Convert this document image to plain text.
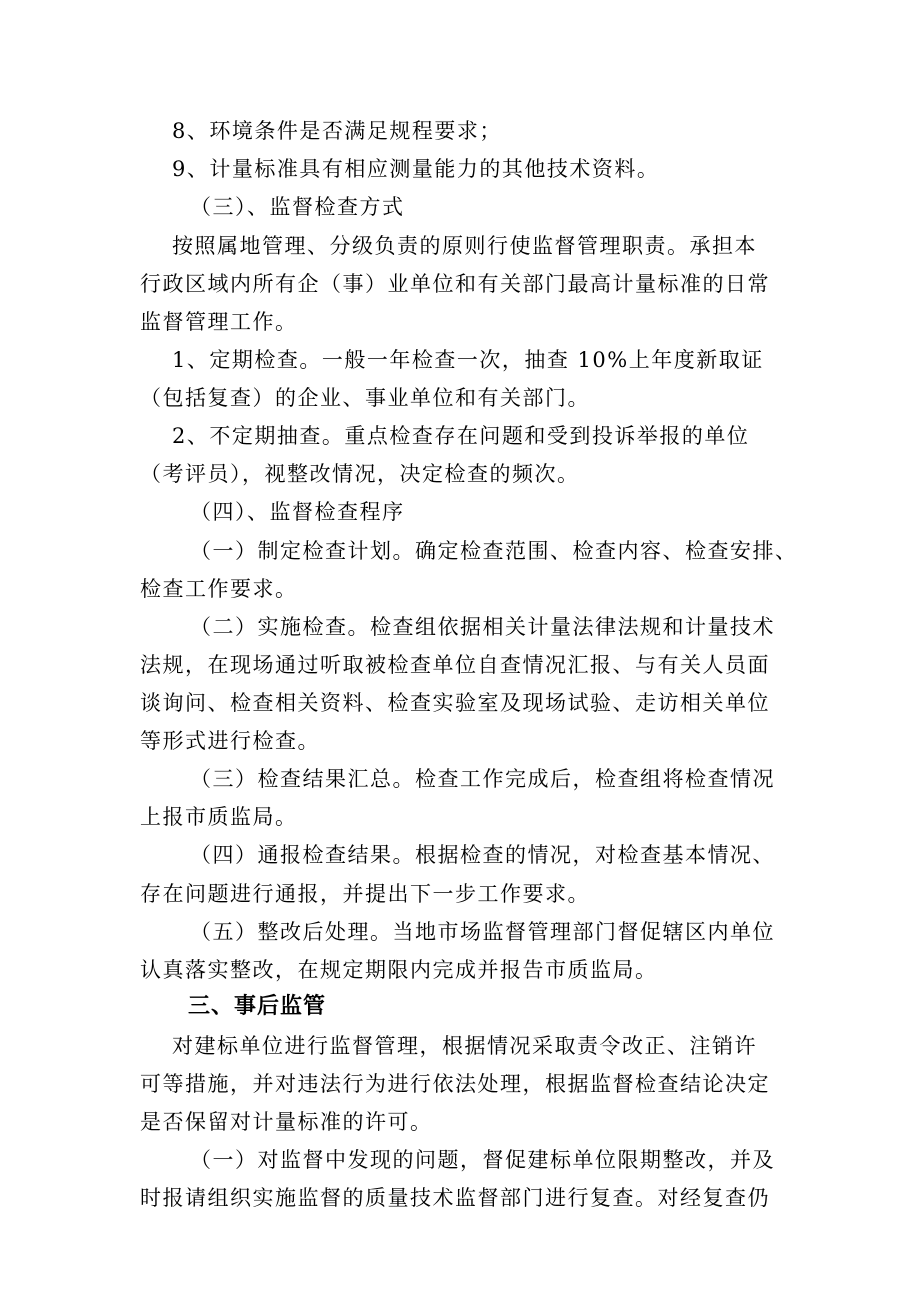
8、环境条件是否满足规程要求；
9、计量标准具有相应测量能力的其他技术资料。
（三）、监督检查方式
按照属地管理、分级负责的原则行使监督管理职责。承担本
行政区域内所有企（事）业单位和有关部门最高计量标准的日常
监督管理工作。
1、定期检查。一般一年检查一次，抽查 10%上年度新取证
（包括复查）的企业、事业单位和有关部门。
2、不定期抽查。重点检查存在问题和受到投诉举报的单位
（考评员），视整改情况，决定检查的频次。
（四）、监督检查程序
（一）制定检查计划。确定检查范围、检查内容、检查安排、
检查工作要求。
（二）实施检查。检查组依据相关计量法律法规和计量技术
法规，在现场通过听取被检查单位自查情况汇报、与有关人员面
谈询问、检查相关资料、检查实验室及现场试验、走访相关单位
等形式进行检查。
（三）检查结果汇总。检查工作完成后，检查组将检查情况
上报市质监局。
（四）通报检查结果。根据检查的情况，对检查基本情况、
存在问题进行通报，并提出下一步工作要求。
（五）整改后处理。当地市场监督管理部门督促辖区内单位
认真落实整改，在规定期限内完成并报告市质监局。
三、事后监管
对建标单位进行监督管理，根据情况采取责令改正、注销许
可等措施，并对违法行为进行依法处理，根据监督检查结论决定
是否保留对计量标准的许可。
（一）对监督中发现的问题，督促建标单位限期整改，并及
时报请组织实施监督的质量技术监督部门进行复查。对经复查仍
